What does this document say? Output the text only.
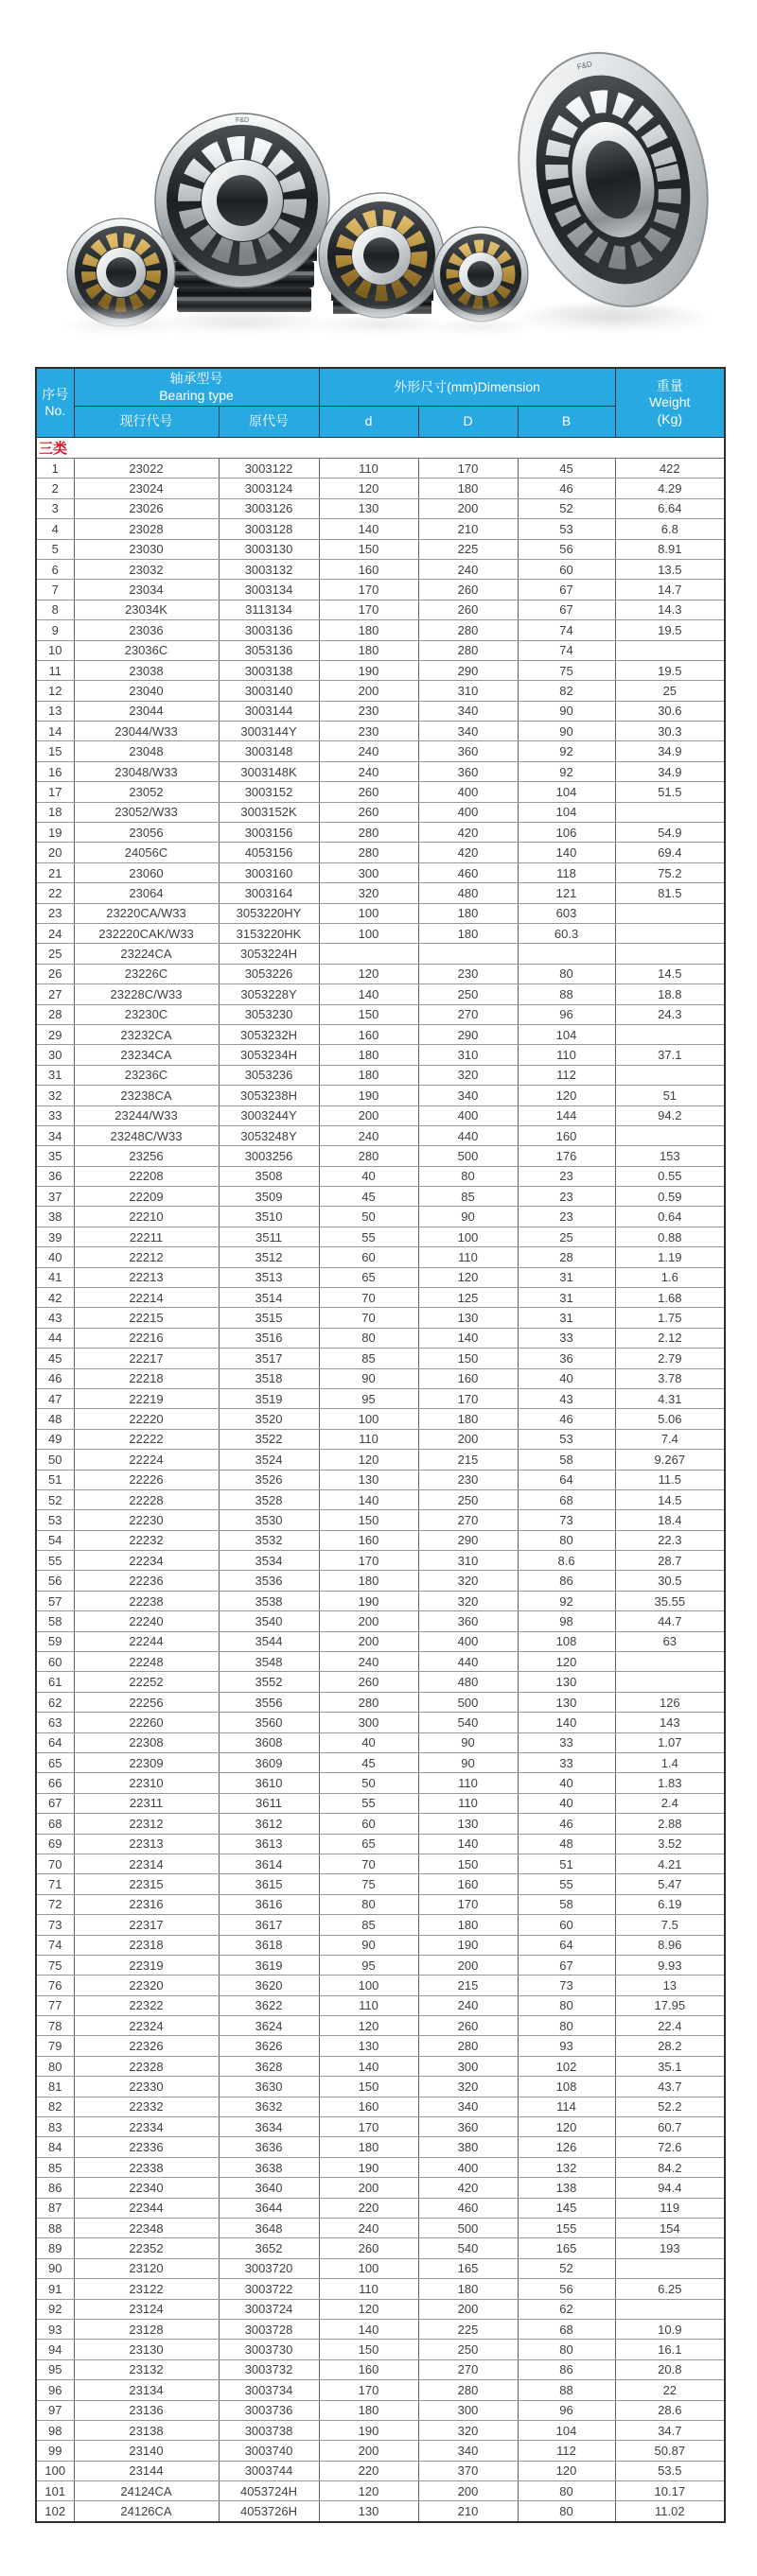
F&D
F&D
序号
No.	轴承型号
Bearing type		外形尺寸(mm)Dimension			重量
Weight
(Kg)
	现行代号	原代号	d	D	B	
三类						
1	23022	3003122	110	170	45	422
2	23024	3003124	120	180	46	4.29
3	23026	3003126	130	200	52	6.64
4	23028	3003128	140	210	53	6.8
5	23030	3003130	150	225	56	8.91
6	23032	3003132	160	240	60	13.5
7	23034	3003134	170	260	67	14.7
8	23034K	3113134	170	260	67	14.3
9	23036	3003136	180	280	74	19.5
10	23036C	3053136	180	280	74	
11	23038	3003138	190	290	75	19.5
12	23040	3003140	200	310	82	25
13	23044	3003144	230	340	90	30.6
14	23044/W33	3003144Y	230	340	90	30.3
15	23048	3003148	240	360	92	34.9
16	23048/W33	3003148K	240	360	92	34.9
17	23052	3003152	260	400	104	51.5
18	23052/W33	3003152K	260	400	104	
19	23056	3003156	280	420	106	54.9
20	24056C	4053156	280	420	140	69.4
21	23060	3003160	300	460	118	75.2
22	23064	3003164	320	480	121	81.5
23	23220CA/W33	3053220HY	100	180	603	
24	232220CAK/W33	3153220HK	100	180	60.3	
25	23224CA	3053224H				
26	23226C	3053226	120	230	80	14.5
27	23228C/W33	3053228Y	140	250	88	18.8
28	23230C	3053230	150	270	96	24.3
29	23232CA	3053232H	160	290	104	
30	23234CA	3053234H	180	310	110	37.1
31	23236C	3053236	180	320	112	
32	23238CA	3053238H	190	340	120	51
33	23244/W33	3003244Y	200	400	144	94.2
34	23248C/W33	3053248Y	240	440	160	
35	23256	3003256	280	500	176	153
36	22208	3508	40	80	23	0.55
37	22209	3509	45	85	23	0.59
38	22210	3510	50	90	23	0.64
39	22211	3511	55	100	25	0.88
40	22212	3512	60	110	28	1.19
41	22213	3513	65	120	31	1.6
42	22214	3514	70	125	31	1.68
43	22215	3515	70	130	31	1.75
44	22216	3516	80	140	33	2.12
45	22217	3517	85	150	36	2.79
46	22218	3518	90	160	40	3.78
47	22219	3519	95	170	43	4.31
48	22220	3520	100	180	46	5.06
49	22222	3522	110	200	53	7.4
50	22224	3524	120	215	58	9.267
51	22226	3526	130	230	64	11.5
52	22228	3528	140	250	68	14.5
53	22230	3530	150	270	73	18.4
54	22232	3532	160	290	80	22.3
55	22234	3534	170	310	8.6	28.7
56	22236	3536	180	320	86	30.5
57	22238	3538	190	320	92	35.55
58	22240	3540	200	360	98	44.7
59	22244	3544	200	400	108	63
60	22248	3548	240	440	120	
61	22252	3552	260	480	130	
62	22256	3556	280	500	130	126
63	22260	3560	300	540	140	143
64	22308	3608	40	90	33	1.07
65	22309	3609	45	90	33	1.4
66	22310	3610	50	110	40	1.83
67	22311	3611	55	110	40	2.4
68	22312	3612	60	130	46	2.88
69	22313	3613	65	140	48	3.52
70	22314	3614	70	150	51	4.21
71	22315	3615	75	160	55	5.47
72	22316	3616	80	170	58	6.19
73	22317	3617	85	180	60	7.5
74	22318	3618	90	190	64	8.96
75	22319	3619	95	200	67	9.93
76	22320	3620	100	215	73	13
77	22322	3622	110	240	80	17.95
78	22324	3624	120	260	80	22.4
79	22326	3626	130	280	93	28.2
80	22328	3628	140	300	102	35.1
81	22330	3630	150	320	108	43.7
82	22332	3632	160	340	114	52.2
83	22334	3634	170	360	120	60.7
84	22336	3636	180	380	126	72.6
85	22338	3638	190	400	132	84.2
86	22340	3640	200	420	138	94.4
87	22344	3644	220	460	145	119
88	22348	3648	240	500	155	154
89	22352	3652	260	540	165	193
90	23120	3003720	100	165	52	
91	23122	3003722	110	180	56	6.25
92	23124	3003724	120	200	62	
93	23128	3003728	140	225	68	10.9
94	23130	3003730	150	250	80	16.1
95	23132	3003732	160	270	86	20.8
96	23134	3003734	170	280	88	22
97	23136	3003736	180	300	96	28.6
98	23138	3003738	190	320	104	34.7
99	23140	3003740	200	340	112	50.87
100	23144	3003744	220	370	120	53.5
101	24124CA	4053724H	120	200	80	10.17
102	24126CA	4053726H	130	210	80	11.02
